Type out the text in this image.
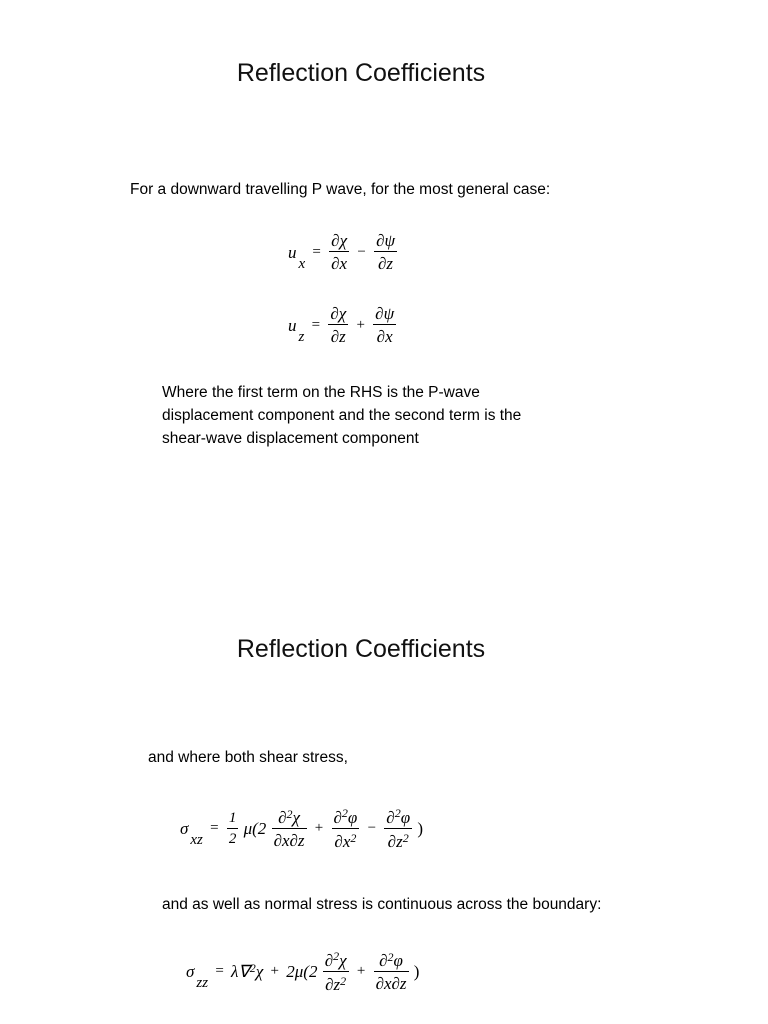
Reflection Coefficients
For a downward travelling P wave, for the most general case:
ux = $\frac{\partial\chi}{\partial x} - \frac{\partial\psi}{\partial z}$
uz = $\frac{\partial\chi}{\partial z} + \frac{\partial\psi}{\partial x}$
Where the first term on the RHS is the P-wave
displacement component and the second term is the
shear-wave displacement component
Reflection Coefficients
and where both shear stress,
$\sigma xz = \frac{1}{2} \mu(2 \frac{\partial 2\chi}{\partial x\partial z} + \frac{\partial 2\varphi}{\partial x2} - \frac{\partial 2\varphi}{\partial z2}$ )
and as well as normal stress is continuous across the boundary:
$\sigma zz = \lambda\nabla 2\chi + 2\mu(2 \frac{\partial 2\chi}{\partial z2} + \frac{\partial 2\varphi}{\partial x\partial z}$ )
